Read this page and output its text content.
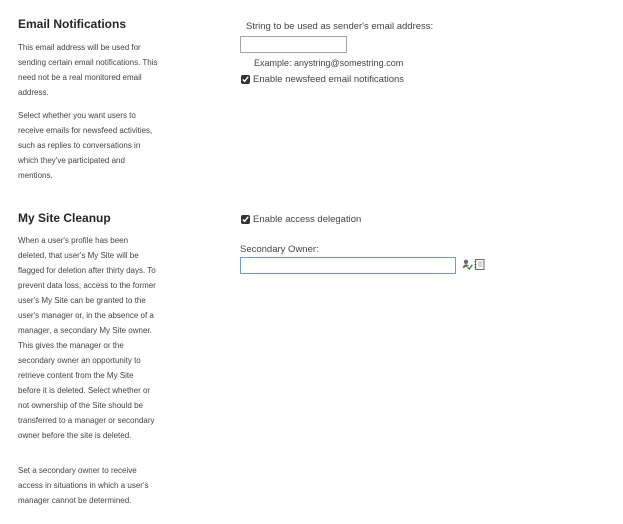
Email Notifications

This email address will be used for sending certain email notifications. This need not be a real monitored email address.

Select whether you want users to receive emails for newsfeed activities, such as replies to conversations in which they've participated and mentions.

String to be used as sender's email address:
Example: anystring@somestring.com
Enable newsfeed email notifications
My Site Cleanup

When a user's profile has been deleted, that user's My Site will be flagged for deletion after thirty days. To prevent data loss, access to the former user's My Site can be granted to the user's manager or, in the absence of a manager, a secondary My Site owner. This gives the manager or the secondary owner an opportunity to retrieve content from the My Site before it is deleted. Select whether or not ownership of the Site should be transferred to a manager or secondary owner before the site is deleted.

Set a secondary owner to receive access in situations in which a user's manager cannot be determined.

Enable access delegation
Secondary Owner:
